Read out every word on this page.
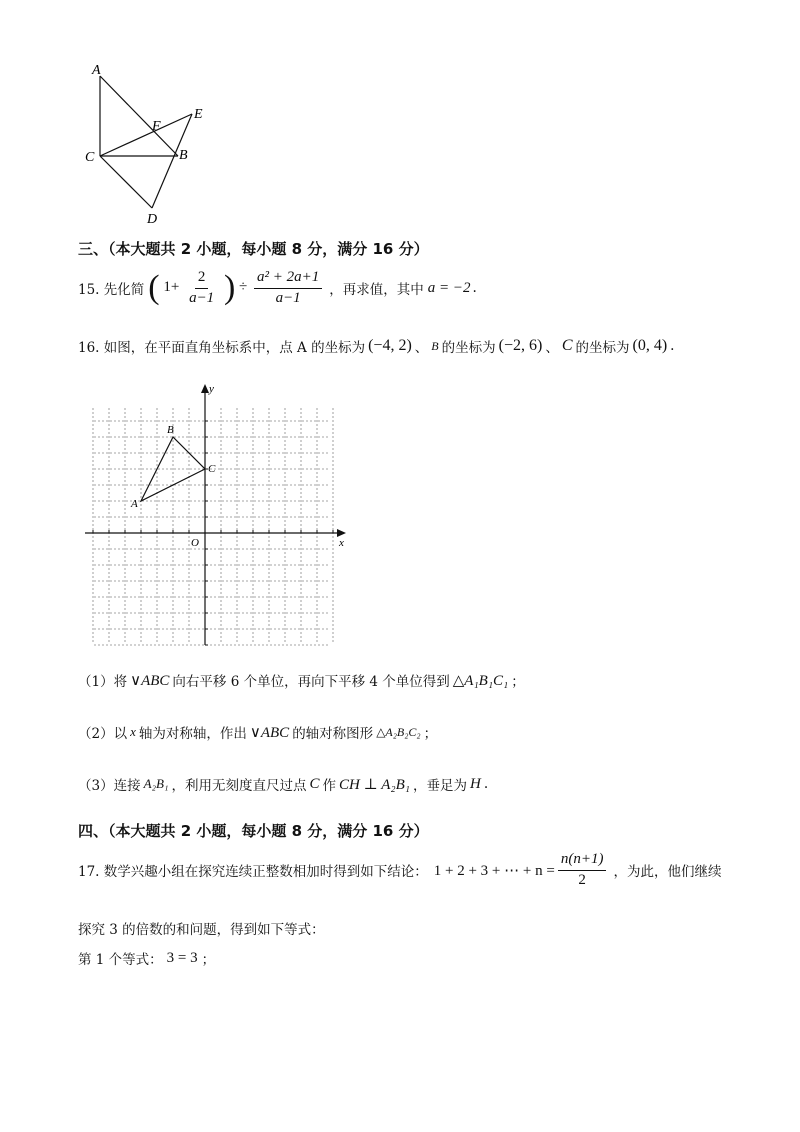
A
F
E
C	B
D
三、（本大题共 2 小题，每小题 8 分，满分 16 分）
15. 先化简 ( $1+ \frac{2}{a-1}$ ) ÷ $\frac{\text{a² + 2a+1}}{a-1}$ ，再求值，其中 a = −2 .
16. 如图，在平面直角坐标系中，点 A 的坐标为 (−4, 2) 、 B 的坐标为 (−2, 6) 、 C 的坐标为 (0, 4) .
A
B
C
O	x
y
（1）将 ∨ABC 向右平移 6 个单位，再向下平移 4 个单位得到 △A₁B₁C₁ ；
（2）以 x 轴为对称轴，作出 ∨ABC 的轴对称图形 △A₂B₂C₂ ；
（3）连接 A₂B₁ ，利用无刻度直尺过点 C 作 CH ⊥ A₂B₁ ，垂足为 H .
四、（本大题共 2 小题，每小题 8 分，满分 16 分）
17. 数学兴趣小组在探究连续正整数相加时得到如下结论： 1 + 2 + 3 + ⋯ + $n = \frac{n(n+1)}{2}$ ，为此，他们继续
探究 3 的倍数的和问题，得到如下等式：
第 1 个等式： 3 = 3 ；
